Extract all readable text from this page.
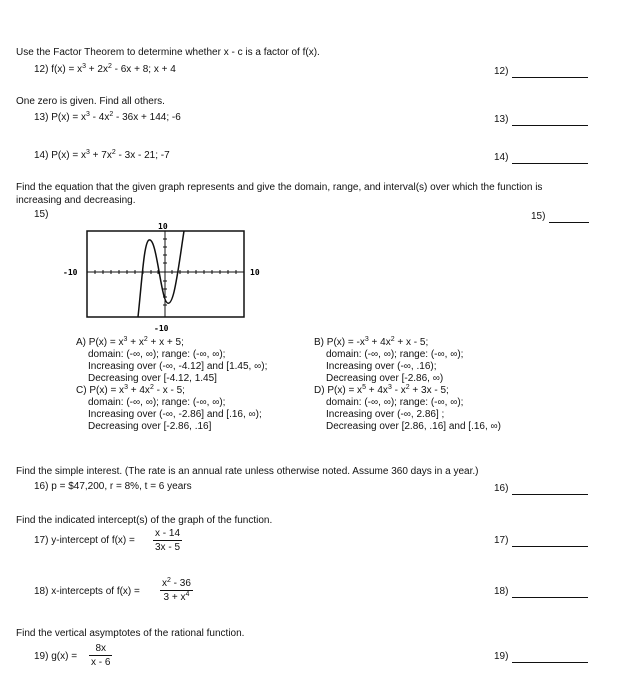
Use the Factor Theorem to determine whether x - c is a factor of f(x).
12) $f(x) = x^3 + 2x^2 - 6x + 8$; x + 4	12)
One zero is given. Find all others.
13) $P(x) = x^3 - 4x^2 - 36x + 144$; -6	13)
14) $P(x) = x^3 + 7x^2 - 3x - 21$; -7	14)
Find the equation that the given graph represents and give the domain, range, and interval(s) over which the function is
increasing and decreasing.
15)	15)
10
-10
-10	10
A) $P(x) = x^3 + x^2 + x + 5$;
domain: (-∞, ∞); range: (-∞, ∞);
Increasing over (-∞, -4.12] and [1.45, ∞);
Decreasing over [-4.12, 1.45]
B) $P(x) = -x^3 + 4x^2 + x - 5$;
domain: (-∞, ∞); range: (-∞, ∞);
Increasing over (-∞, .16);
Decreasing over [-2.86, ∞)
C) $P(x) = x^3 + 4x^2 - x - 5$;
domain: (-∞, ∞); range: (-∞, ∞);
Increasing over (-∞, -2.86] and [.16, ∞);
Decreasing over [-2.86, .16]
D) $P(x) = x^5 + 4x^3 - x^2 + 3x - 5$;
domain: (-∞, ∞); range: (-∞, ∞);
Increasing over (-∞, 2.86] ;
Decreasing over [2.86, .16] and [.16, ∞)
Find the simple interest. (The rate is an annual rate unless otherwise noted. Assume 360 days in a year.)
16) p = $47,200, r = 8%, t = 6 years	16)
Find the indicated intercept(s) of the graph of the function.
17) y-intercept of $f(x) = \frac{x - 14}{3x - 5}$	17)
18) x-intercepts of $f(x) = \frac{x^2 - 36}{3 + x^4}$	18)
Find the vertical asymptotes of the rational function.
19) $g(x) = \frac{8x}{x - 6}$	19)
